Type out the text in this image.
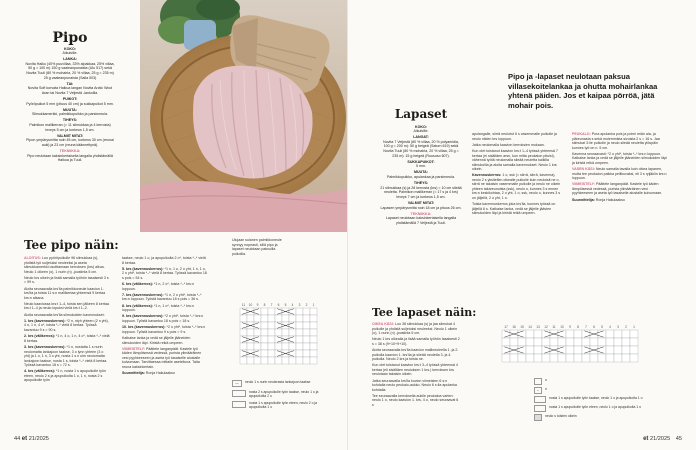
Pipo
KOKO:
Aikuisille.
LANKA:
Novita Haiku (40% puuvillaa, 33% alpakkaa, 25% villaa, 50 g = 100 m) 150 g vaaleanpunaista (Ulu 517) sekä Novita Tuuli (80 % mohairia, 20 % villaa, 25 g = 235 m) 25 g vaaleanpunaista (Salla 003)
TAI:
Novita Soft korvata Haikua langan Novita Arctic Wool Aran tai Novita 7 Veljestä -lankoilla.
PUIKOT:
Pyöröpuikot 5 mm (pituus 40 cm) ja sukkapuikot 5 mm.
MUUTA:
Silmukkamerkki, palmikkopuikko ja parsinneula.
TIHEYS:
Palmikon mallikerran (= 11 silmukkaa ja 4 kerrosta) leveys 5 cm ja korkeus 1,5 cm.
VALMIIT MITAT:
Pipon ympärysmitta noin 45 cm, korkeus 30 cm (reunai auki) ja 23 cm (reuna käännettynä).
TEKNIIKKA:
Pipo neulotaan kaksinkertaisella langalla yhdistämällä Haikua ja Tuuli.
Tee pipo näin:

ALOITUS: Luo pyöröpuikolle 96 silmukkaa (s), yhdistä työ suljetuksi neuleeksi ja aseta silmukkamerkki osoittamaan kerroksen (krs) alkua. Neulo 1 oikeen (o), 1 nurin (n) -joustinta 5 cm.

Neulo krs oikein ja lisää samalla työhön tasaisesti 3 s = 99 s.

Aloita seuraavalla krs'lla palmikkoneule kaavion 1. krs'lta ja toista 11 s:n mallikertaa yhteensä 9 kertaa krs:n aikana.

Neulo kaaviossa krs:t 1–4, toista sen jälkeen 8 kertaa krs:t 1–4 ja neulo lopuksi vielä krs:t 1–2.

Aloita seuraavalla krs'lla silmukoiden kavennukset:

1. krs (kavennuskerros): *2 n, ntyh yhteen (2 n yht), 4 o, 1 n, 4 o*, toista *–* vielä 8 kertaa. Työssä kavantuu 9 s = 90 s.

2. krs (välikerros): *1 n, 4 o, 1 n, 4 o*, toista *–* vielä 8 kertaa.

3. krs (kavennuskerros): *1 n, nostatta 1 s nurin neulomatta lankajoon taakse, 3 o lynn yhteen (3 o yht) ja 1 o, 1 n, 3 o yht, nosta 1 s n ulm neulomatta lankajoon taakse, nosta 1 s, toista *–* vielä 8 kertaa. Työssä kavantuu 18 s = 72 s.

4. krs (välikerros): *1 n, nosta 1 s apupuikolle työn eteen, neulo 2 s ja apupuikolta 1 o, 1 n, nosta 2 s apupuikolle työn

taakse, neulo 1 o, ja apupuikolta 2 o*, toista *–* vielä 8 kertaa.

5. krs (kavennuskerros): *1 n, 1 o, 2 o yht, 1 n, 1 o, 2 o yht*, toista *–* vielä 8 kertaa. Työssä kavantuu 18 s pois = 54 s.

6. krs (välikerros): *1 n, 2 o*, toista *–* krs:n loppuun.

7. krs (kavennuskerros): *1 n, 2 o yht*, toista *–* krs:n loppuun. Työstä kavantuu 18 s pois = 36 s.

8. krs (välikerros): *1 n, 1 o*, toista *–* krs:n loppuun.

9. krs (kavennuskerros): *2 o yht*, toista *–* krs:n loppuun. Työstä kavantuu 18 s pois = 18 s.

10. krs (kavennuskerros): *2 o yht*, toista *–* krs:n loppuun. Työstä kavantuu 9 s pois = 9 s.

Katkaise lanka ja vedä se jäljelle jääneiden silmukoiden läpi. Kiristä reikä umpeen.

VIIMEISTELY: Päättele langanpäät. Kastele työ käden lämpöisessä vedessä, purista ylimääräinen vesi pyyhkeeseen ja aseta työ tasaiselle alustalle kuivumaan. Tarvittaessa mittaile asetelluna. Taita reuna kaksinkertain.

Suunnittelija: Ronja Hakulaakso

Ulujaan sulanen palmikkoneule synnyy nopeasti, sillä pipo ja lapaset neulotaan paksuilla puikoilla.
11 10 9 8 7 6 5 4 3 2 1
—	neulo 1 s nurin neulerasta lankajoon taakse
nosta 2 s apupuikolle työn taakse, neulo 1 o ja apupuikolta 2 o
nosta 1 s apupuikolle työn eteen, neulo 2 o ja apupuikolta 1 o
44 et 21/2025
Pipo ja -lapaset neulotaan paksua villasekoitelankaa ja ohutta mohairlankaa yhtenä päiden. Jos et kaipaa pörröä, jätä mohair pois.
Lapaset
KOKO:
Aikuisille.
LANGAT:
Novita 7 Veljestä (80 % villaa, 20 % polyamidia, 100 g = 200 m): 50 g beigeä (Saturn 619) sekä Novita Tuuli (80 % mohairia, 20 % villaa, 25 g = 235 m): 15 g beigeä (Ruususo 607).
SUKKAPUIKOT:
5 mm.
MUUTA:
Palmikkopuikko, apulankaa ja parsinneula.
TIHEYS:
21 silmukkaa (s) ja 28 kerrosta (krs) = 10 cm sileää neuletta. Palmikon mallikerran (= 17 s ja 4 krs) leveys 7 cm ja korkeus 1,5 cm.
VALMIIT MITAT:
Lapasen ympärysmitta noin 18 cm ja pituus 26 cm.
TEKNIIKKA:
Lapaset neulotaan kaksinkertaisella langalla yhdistämällä 7 Veljestä ja Tuuli.

apulangalle, siirrä neulotut 6 s vasemmalle puikolle ja neulo niiden krs loppuun.

Jatka neulomalla kaavion kerroksien mukaan.

Kun olet toistanut kaavion krs:t 1–4 työssä yhteensä 7 kertaa (ei sisältäen arsn, kun mitta peukalon pituisi), vähennä työtä neulomalla sileää neuletta kaikilla silmukoilla ja aloita samalla kavennukset. Neulo 1 krs oikein.

Kavennuskerros: 1 o, ssk (= siirrä, siirrä, kavenna), neulo 2 s yksitellen oikealle puikolle kuin neuloisit ne o, siirrä ne takaisin vasemmalle puikolle ja neulo ne oikein yhteen takareunoista (ssk), neulo o, kunnes 3 s ennen krs:n keskikohtaa, 2 o yht, 1 o, ssk, neulo o, kunnes 3 s on jäljellä, 2 o yht, 1 o.

Toista kavennuskerros joka krs'lla, kunnes työssä on jäljellä 6 s. Katkaise lanka, vedä se jäljelle jäävien silmukoiden läpi ja kiristä reikä umpeen.

PEUKALO: Pura apulanka pois ja poimi reiän ala- ja yläreunasta s sekä molemmista sivuista 2 s = 16 s. Jaa silmukat 3:lle puikolle ja neulo sileää neuletta ylöspäin kunnes työ on n. 5 cm.

Kavenna seuraavasti: *2 o yht*, toista *–* krs:n loppuun. Katkaise lanka ja vedä se jäljelle jääneiden silmukoiden läpi ja kiristä reikä umpeen.

VASEN KÄSI: Neulo samalla tavalla kuin oikea lapanen, mutta tee peukalon paikka peilikuvaksi, eli 3 s ryijäklin krs:n loppuun.

VIIMEISTELY: Päättele langanpäät. Kastele työ käden lämpöisessä vedessä, purista ylimääräinen vesi pyyhkeeseen ja aseta työ tasaiselle alustalle kuivumaan.

Suunnittelija: Ronja Hakulaakso

Tee lapaset näin:

OIKEA KÄSI: Luo 38 silmukkaa (s) ja jaa silmukat 4 puikolle ja yhdistä suljetuksi neuleeksi. Neulo 1 oikein (o), 1 nurin (n) -joustinta 5 cm.

Neulo 1 krs oikealla ja lisää samalla työhön tasaisesti 2 s = 38 s (9+10+9+10).

Aloita seuraavalla krs'lla kaavion mallineuleella 1. ja 2. puikolla kaavion 1. krs'lla ja sileää neuletta 3. ja 4. puikolla. Neulo 2 krs ja toista ne.

Kun olet toistanut kaavion krs:t 3–4 työssä yhteensä 4 kertaa (eli sisältäen neuloksen 1 krs.) kerroksen krs neulotaan takaisin oikein.

Jatka seuraavalla krs'lla kuvion viimeisten 6 s:n kohdalla neulo peukalo-aukko. Neulo 6 s:lla apulanka kohdalla.

Tee seuraavalla kerroksella auklle peukaloa varten: neulo 1 o, neulo kaavion 1. krs, 4 o, neulo seuraavat 6 s

17 16 15 14 13 12 11 10 9 8 7 6 5 4 3 2 1
o
–	n
nosta 1 s apupuikolle työn taakse, neulo 1 o ja apupuikolta 1 o
nosta 1 s apupuikolle työn eteen, neulo 1 o ja apupuikolta 1 o
neulo s toisten oikein
et 21/2025 45
